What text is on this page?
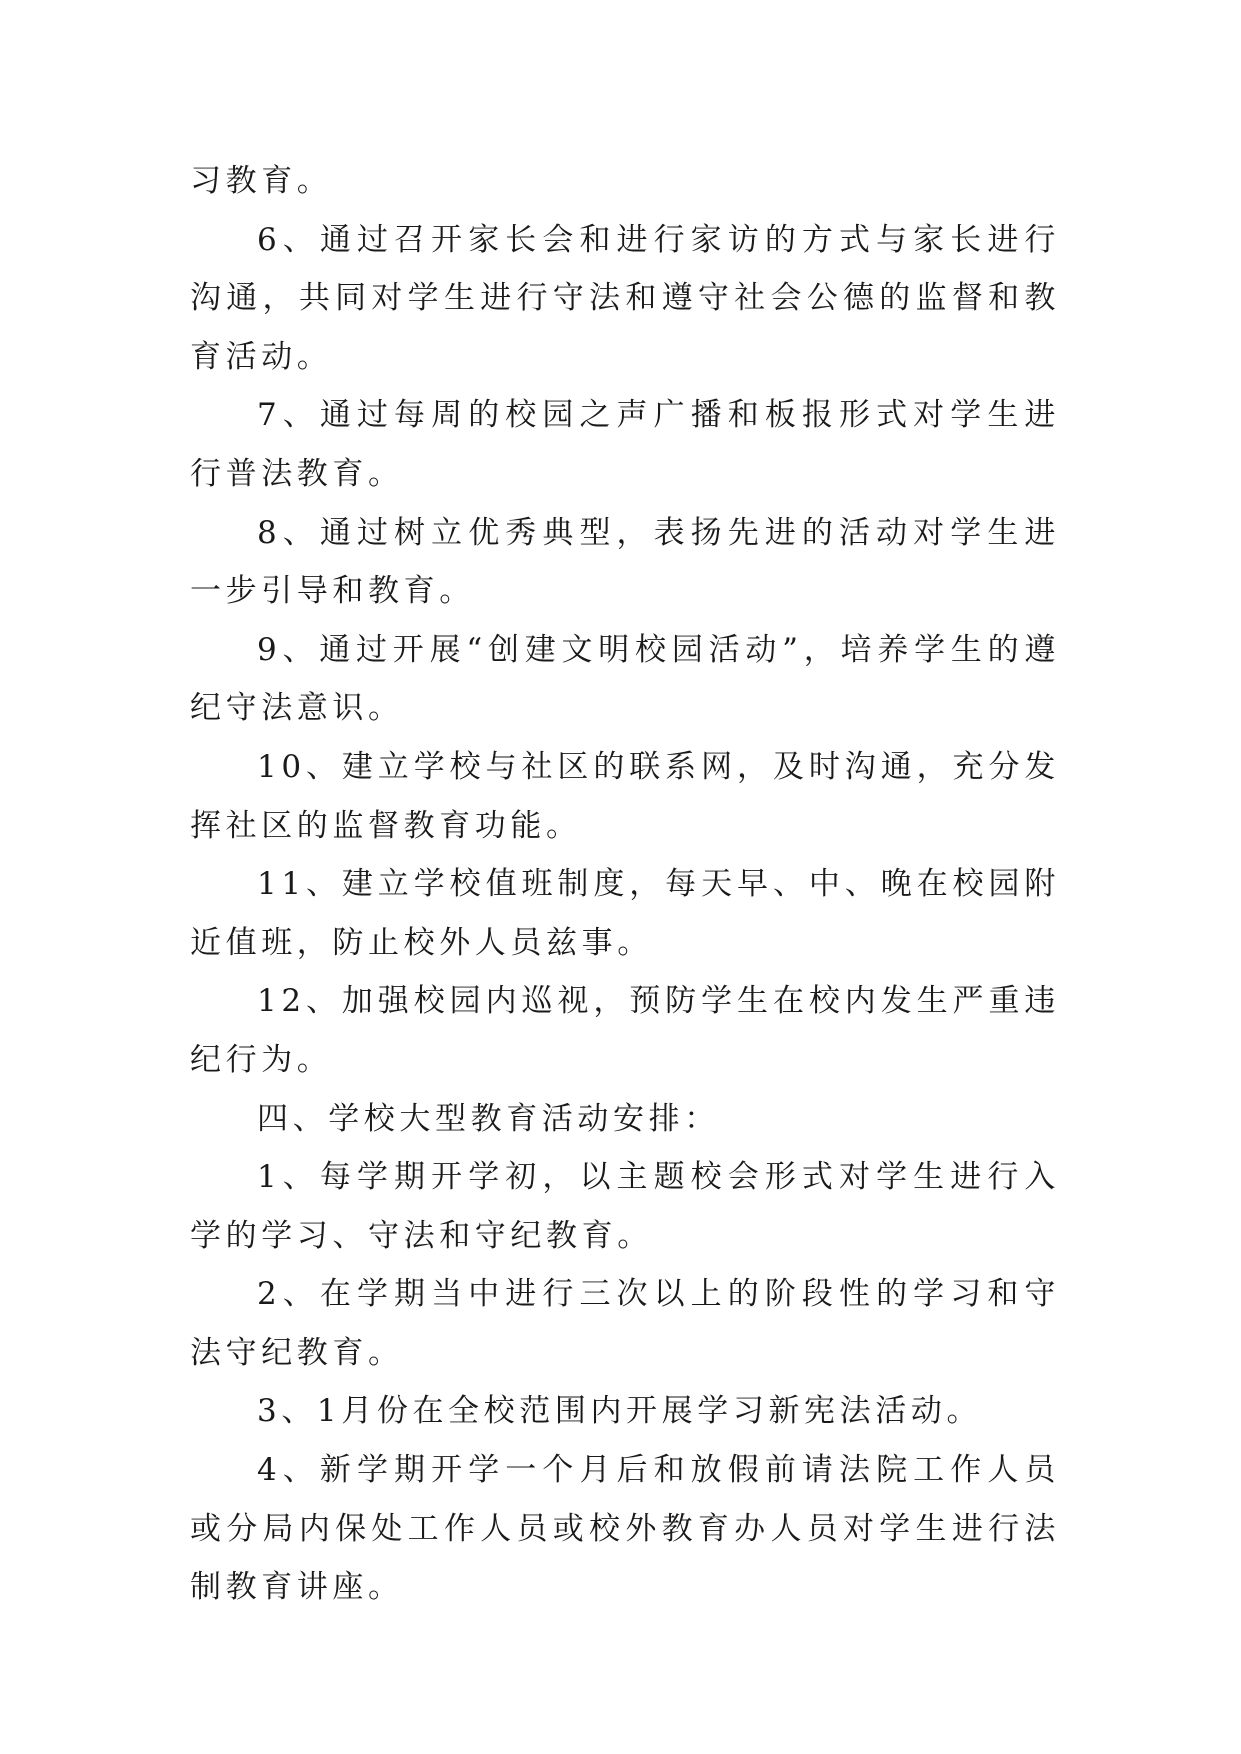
习教育。

6、通过召开家长会和进行家访的方式与家长进行沟通，共同对学生进行守法和遵守社会公德的监督和教育活动。

7、通过每周的校园之声广播和板报形式对学生进行普法教育。

8、通过树立优秀典型，表扬先进的活动对学生进一步引导和教育。

9、通过开展“创建文明校园活动”，培养学生的遵纪守法意识。

10、建立学校与社区的联系网，及时沟通，充分发挥社区的监督教育功能。

11、建立学校值班制度，每天早、中、晚在校园附近值班，防止校外人员兹事。

12、加强校园内巡视，预防学生在校内发生严重违纪行为。

四、学校大型教育活动安排：

1、每学期开学初，以主题校会形式对学生进行入学的学习、守法和守纪教育。

2、在学期当中进行三次以上的阶段性的学习和守法守纪教育。

3、1月份在全校范围内开展学习新宪法活动。

4、新学期开学一个月后和放假前请法院工作人员或分局内保处工作人员或校外教育办人员对学生进行法制教育讲座。
